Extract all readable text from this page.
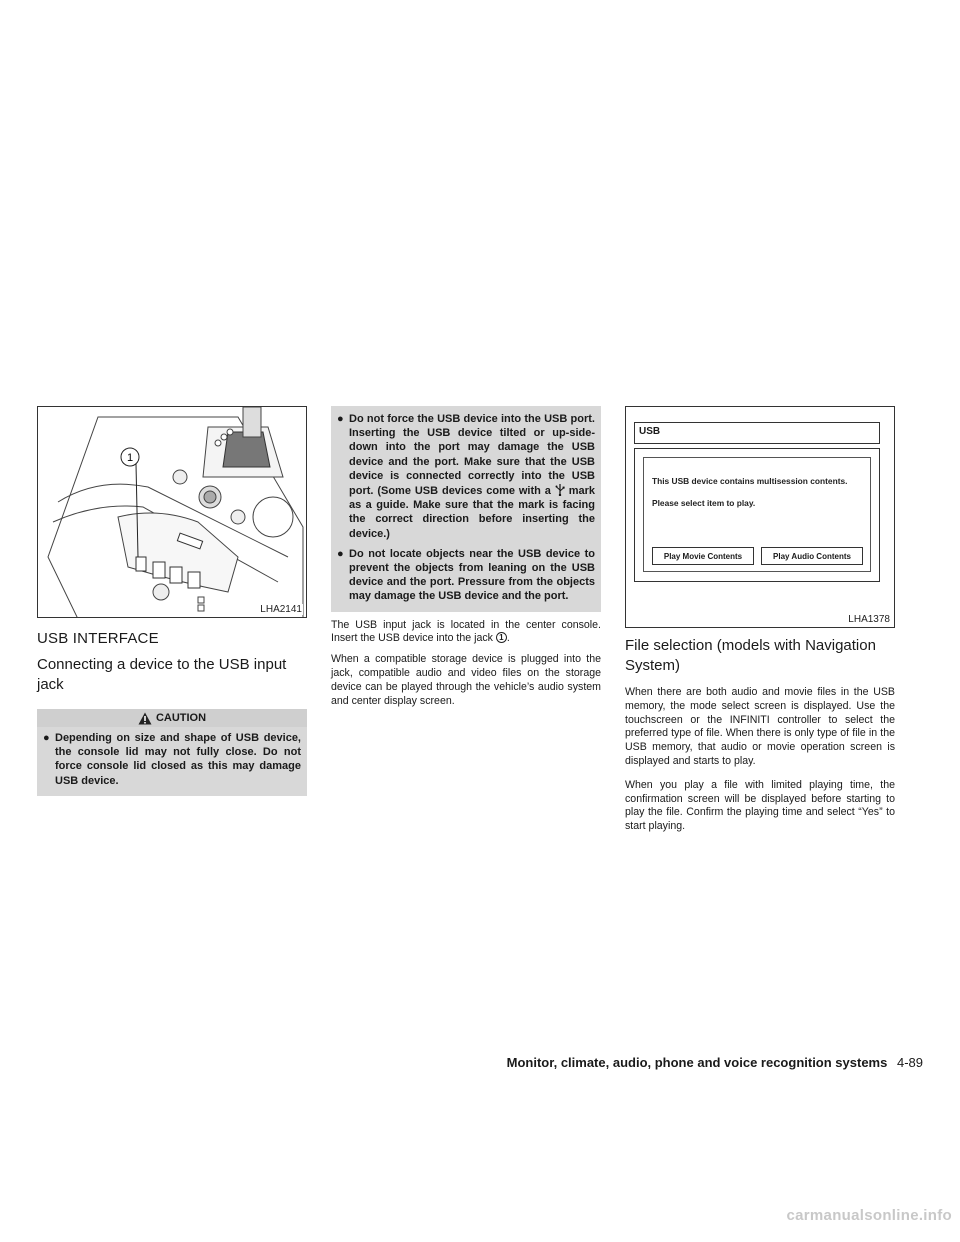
1
LHA2141
USB INTERFACE
Connecting a device to the USB input jack
CAUTION
● Depending on size and shape of USB device, the console lid may not fully close. Do not force console lid closed as this may damage USB device.
● Do not force the USB device into the USB port. Inserting the USB device tilted or up-side-down into the port may damage the USB device and the port. Make sure that the USB device is connected correctly into the USB port. (Some USB devices come with a mark as a guide. Make sure that the mark is facing the correct direction before inserting the device.)
● Do not locate objects near the USB device to prevent the objects from leaning on the USB device and the port. Pressure from the objects may damage the USB device and the port.

The USB input jack is located in the center console. Insert the USB device into the jack 1 .

When a compatible storage device is plugged into the jack, compatible audio and video files on the storage device can be played through the vehicle’s audio system and center display screen.

USB
This USB device contains multisession contents.
Please select item to play.
Play Movie Contents	Play Audio Contents
LHA1378
File selection (models with Navigation System)

When there are both audio and movie files in the USB memory, the mode select screen is displayed. Use the touchscreen or the INFINITI controller to select the preferred type of file. When there is only type of file in the USB memory, that audio or movie operation screen is displayed and starts to play.

When you play a file with limited playing time, the confirmation screen will be displayed before starting to play the file. Confirm the playing time and select “Yes” to start playing.

Monitor, climate, audio, phone and voice recognition systems 4-89
carmanualsonline.info
